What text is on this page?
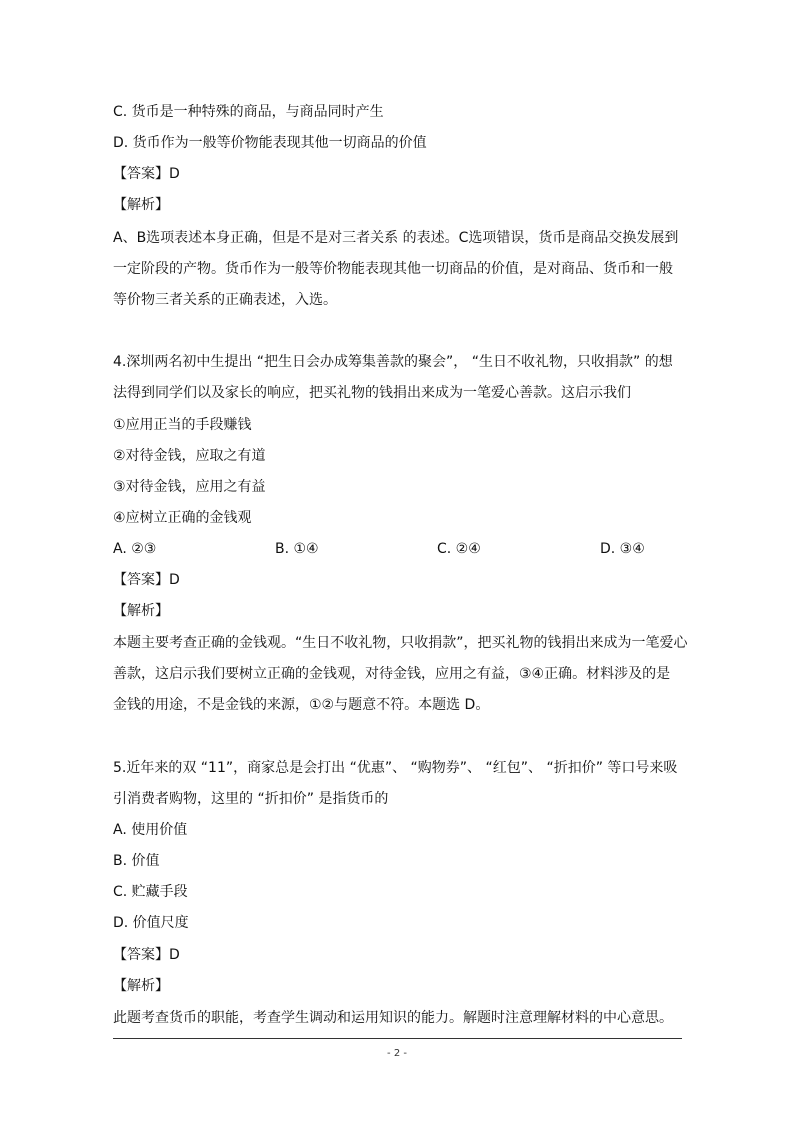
C. 货币是一种特殊的商品，与商品同时产生
D. 货币作为一般等价物能表现其他一切商品的价值
【答案】D
【解析】
A、B选项表述本身正确，但是不是对三者关系 的表述。C选项错误，货币是商品交换发展到
一定阶段的产物。货币作为一般等价物能表现其他一切商品的价值，是对商品、货币和一般
等价物三者关系的正确表述，入选。
4.深圳两名初中生提出 “把生日会办成筹集善款的聚会”， “生日不收礼物，只收捐款” 的想
法得到同学们以及家长的响应，把买礼物的钱捐出来成为一笔爱心善款。这启示我们
①应用正当的手段赚钱
②对待金钱，应取之有道
③对待金钱，应用之有益
④应树立正确的金钱观
A. ②③	B. ①④	C. ②④	D. ③④
【答案】D
【解析】
本题主要考查正确的金钱观。“生日不收礼物，只收捐款”，把买礼物的钱捐出来成为一笔爱心
善款，这启示我们要树立正确的金钱观，对待金钱，应用之有益，③④正确。材料涉及的是
金钱的用途，不是金钱的来源，①②与题意不符。本题选 D。
5.近年来的双 “11”，商家总是会打出 “优惠”、 “购物券”、 “红包”、 “折扣价” 等口号来吸
引消费者购物，这里的 “折扣价” 是指货币的
A. 使用价值
B. 价值
C. 贮藏手段
D. 价值尺度
【答案】D
【解析】
此题考查货币的职能，考查学生调动和运用知识的能力。解题时注意理解材料的中心意思。
- 2 -
